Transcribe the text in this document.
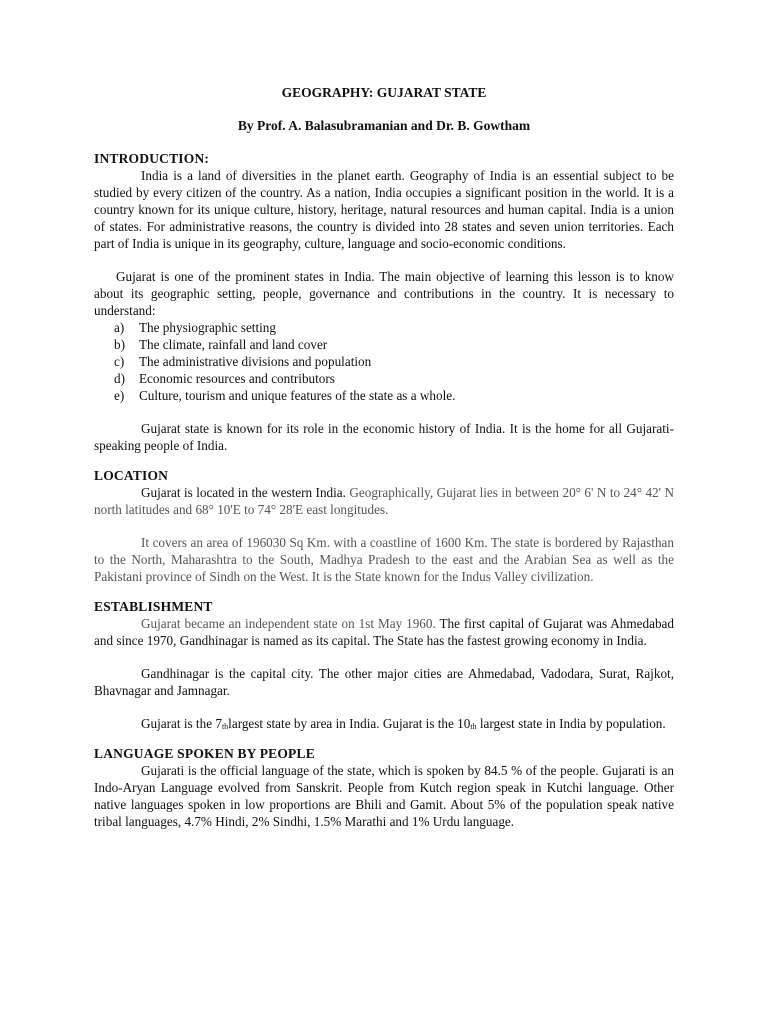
GEOGRAPHY: GUJARAT STATE

By Prof. A. Balasubramanian and Dr. B. Gowtham

INTRODUCTION:

India is a land of diversities in the planet earth. Geography of India is an essential subject to be studied by every citizen of the country. As a nation, India occupies a significant position in the world. It is a country known for its unique culture, history, heritage, natural resources and human capital. India is a union of states. For administrative reasons, the country is divided into 28 states and seven union territories. Each part of India is unique in its geography, culture, language and socio-economic conditions.

Gujarat is one of the prominent states in India. The main objective of learning this lesson is to know about its geographic setting, people, governance and contributions in the country. It is necessary to understand:

a) The physiographic setting
b) The climate, rainfall and land cover
c) The administrative divisions and population
d) Economic resources and contributors
e) Culture, tourism and unique features of the state as a whole.

Gujarat state is known for its role in the economic history of India. It is the home for all Gujarati-speaking people of India.

LOCATION

Gujarat is located in the western India. Geographically, Gujarat lies in between 20° 6' N to 24° 42' N north latitudes and 68° 10'E to 74° 28'E east longitudes.

It covers an area of 196030 Sq Km. with a coastline of 1600 Km. The state is bordered by Rajasthan to the North, Maharashtra to the South, Madhya Pradesh to the east and the Arabian Sea as well as the Pakistani province of Sindh on the West. It is the State known for the Indus Valley civilization.

ESTABLISHMENT

Gujarat became an independent state on 1st May 1960. The first capital of Gujarat was Ahmedabad and since 1970, Gandhinagar is named as its capital. The State has the fastest growing economy in India.

Gandhinagar is the capital city. The other major cities are Ahmedabad, Vadodara, Surat, Rajkot, Bhavnagar and Jamnagar.

Gujarat is the 7thlargest state by area in India. Gujarat is the 10th largest state in India by population.

LANGUAGE SPOKEN BY PEOPLE

Gujarati is the official language of the state, which is spoken by 84.5 % of the people. Gujarati is an Indo-Aryan Language evolved from Sanskrit. People from Kutch region speak in Kutchi language. Other native languages spoken in low proportions are Bhili and Gamit. About 5% of the population speak native tribal languages, 4.7% Hindi, 2% Sindhi, 1.5% Marathi and 1% Urdu language.
